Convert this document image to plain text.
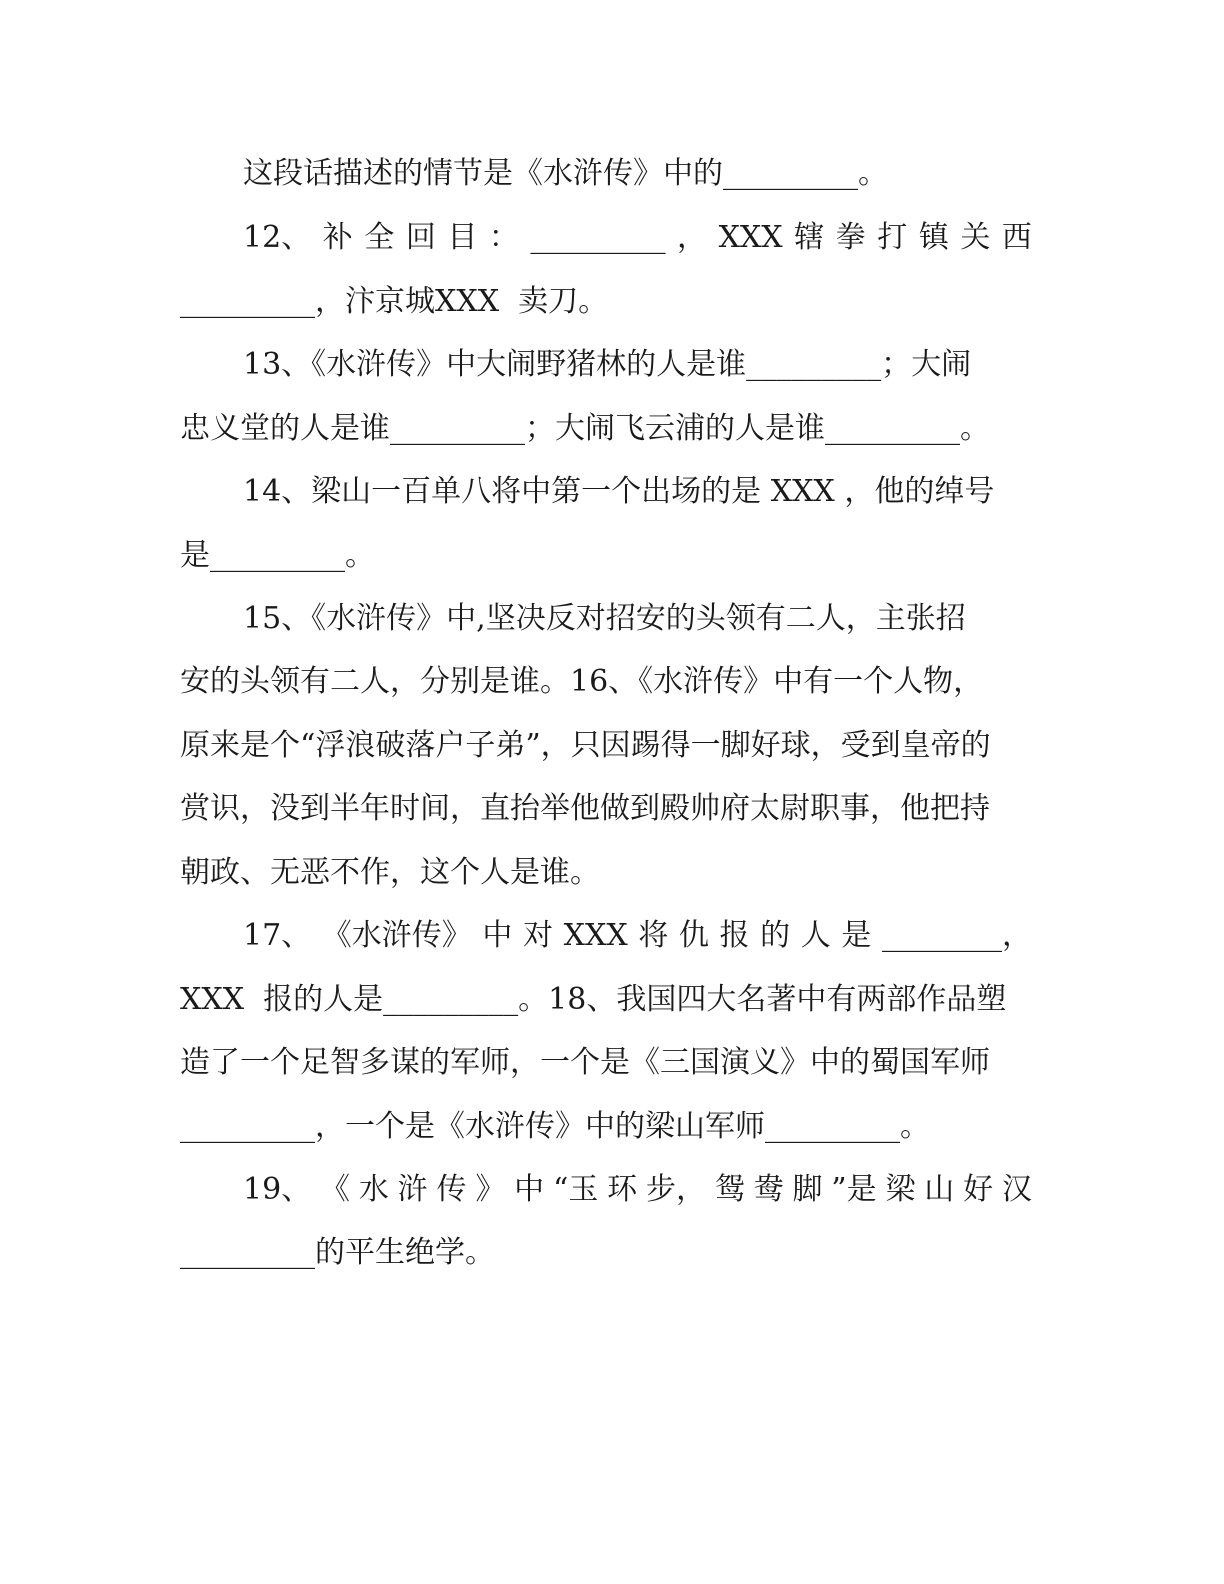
这段话描述的情节是《水浒传》中的_________。
12、 补 全 回 目 ： _________ ， XXX 辖 拳 打 镇 关 西
_________，汴京城XXX  卖刀。
13、《水浒传》中大闹野猪林的人是谁_________；大闹
忠义堂的人是谁_________；大闹飞云浦的人是谁_________。
14、梁山一百单八将中第一个出场的是 XXX ，他的绰号
是_________。
15、《水浒传》中,坚决反对招安的头领有二人，主张招
安的头领有二人，分别是谁。16、《水浒传》中有一个人物，
原来是个“浮浪破落户子弟”，只因踢得一脚好球，受到皇帝的
赏识，没到半年时间，直抬举他做到殿帅府太尉职事，他把持
朝政、无恶不作，这个人是谁。
17、 《水浒传》 中 对 XXX 将 仇 报 的 人 是 ________，
XXX  报的人是_________。18、我国四大名著中有两部作品塑
造了一个足智多谋的军师，一个是《三国演义》中的蜀国军师
_________，一个是《水浒传》中的梁山军师_________。
19、 《 水 浒 传 》 中 “玉 环 步， 鸳 鸯 脚 ”是 梁 山 好 汉
_________的平生绝学。
